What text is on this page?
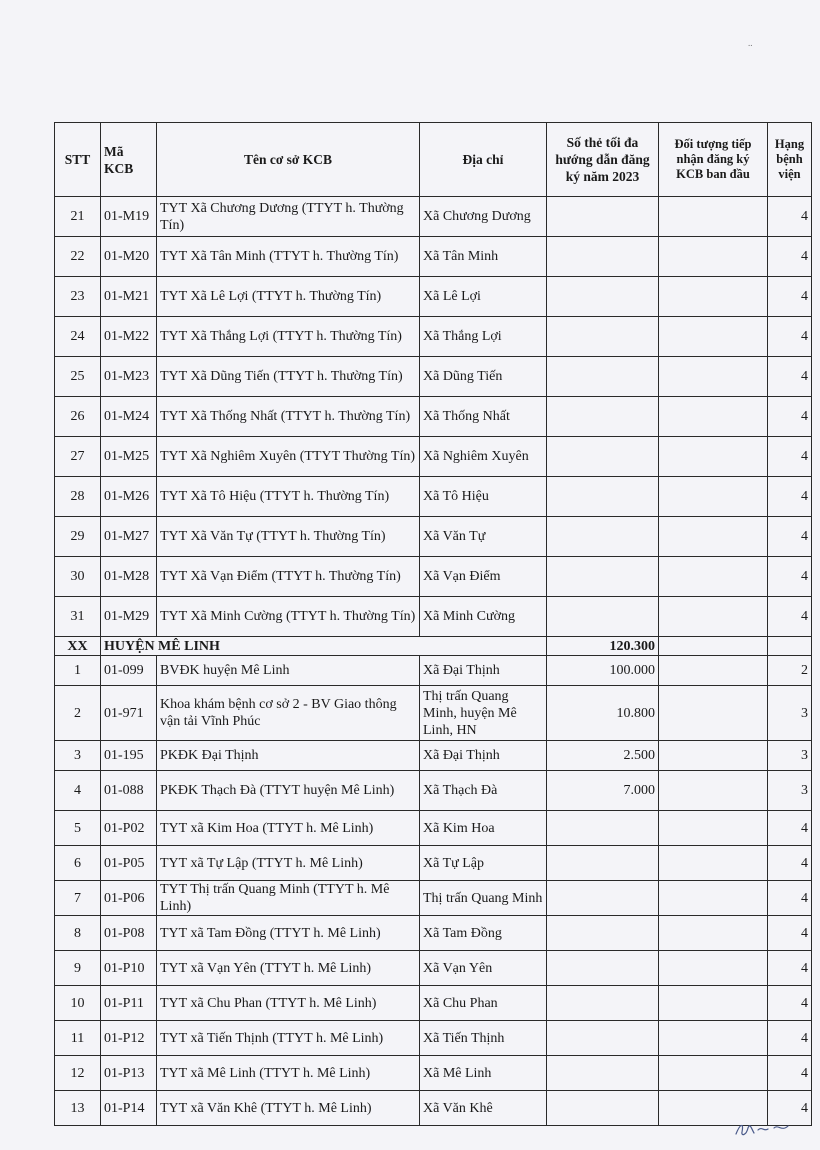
..
STT	Mã KCB	Tên cơ sở KCB	Địa chỉ	Số thẻ tối đa hướng dẫn đăng ký năm 2023	Đối tượng tiếp nhận đăng ký KCB ban đầu	Hạng bệnh viện
21	01-M19	TYT Xã Chương Dương (TTYT h. Thường Tín)	Xã Chương Dương			4
22	01-M20	TYT Xã Tân Minh (TTYT h. Thường Tín)	Xã Tân Minh			4
23	01-M21	TYT Xã Lê Lợi (TTYT h. Thường Tín)	Xã Lê Lợi			4
24	01-M22	TYT Xã Thắng Lợi (TTYT h. Thường Tín)	Xã Thắng Lợi			4
25	01-M23	TYT Xã Dũng Tiến (TTYT h. Thường Tín)	Xã Dũng Tiến			4
26	01-M24	TYT Xã Thống Nhất (TTYT h. Thường Tín)	Xã Thống Nhất			4
27	01-M25	TYT Xã Nghiêm Xuyên (TTYT Thường Tín)	Xã Nghiêm Xuyên			4
28	01-M26	TYT Xã Tô Hiệu (TTYT h. Thường Tín)	Xã Tô Hiệu			4
29	01-M27	TYT Xã Văn Tự (TTYT h. Thường Tín)	Xã Văn Tự			4
30	01-M28	TYT Xã Vạn Điểm (TTYT h. Thường Tín)	Xã Vạn Điểm			4
31	01-M29	TYT Xã Minh Cường (TTYT h. Thường Tín)	Xã Minh Cường			4
XX	HUYỆN MÊ LINH			120.300		
1	01-099	BVĐK huyện Mê Linh	Xã Đại Thịnh	100.000		2
2	01-971	Khoa khám bệnh cơ sở 2 - BV Giao thông vận tải Vĩnh Phúc	Thị trấn Quang Minh, huyện Mê Linh, HN	10.800		3
3	01-195	PKĐK Đại Thịnh	Xã Đại Thịnh	2.500		3
4	01-088	PKĐK Thạch Đà (TTYT huyện Mê Linh)	Xã Thạch Đà	7.000		3
5	01-P02	TYT xã Kim Hoa (TTYT h. Mê Linh)	Xã Kim Hoa			4
6	01-P05	TYT xã Tự Lập (TTYT h. Mê Linh)	Xã Tự Lập			4
7	01-P06	TYT Thị trấn Quang Minh (TTYT h. Mê Linh)	Thị trấn Quang Minh			4
8	01-P08	TYT xã Tam Đồng (TTYT h. Mê Linh)	Xã Tam Đồng			4
9	01-P10	TYT xã Vạn Yên (TTYT h. Mê Linh)	Xã Vạn Yên			4
10	01-P11	TYT xã Chu Phan (TTYT h. Mê Linh)	Xã Chu Phan			4
11	01-P12	TYT xã Tiến Thịnh (TTYT h. Mê Linh)	Xã Tiến Thịnh			4
12	01-P13	TYT xã Mê Linh (TTYT h. Mê Linh)	Xã Mê Linh			4
13	01-P14	TYT xã Văn Khê (TTYT h. Mê Linh)	Xã Văn Khê			4
